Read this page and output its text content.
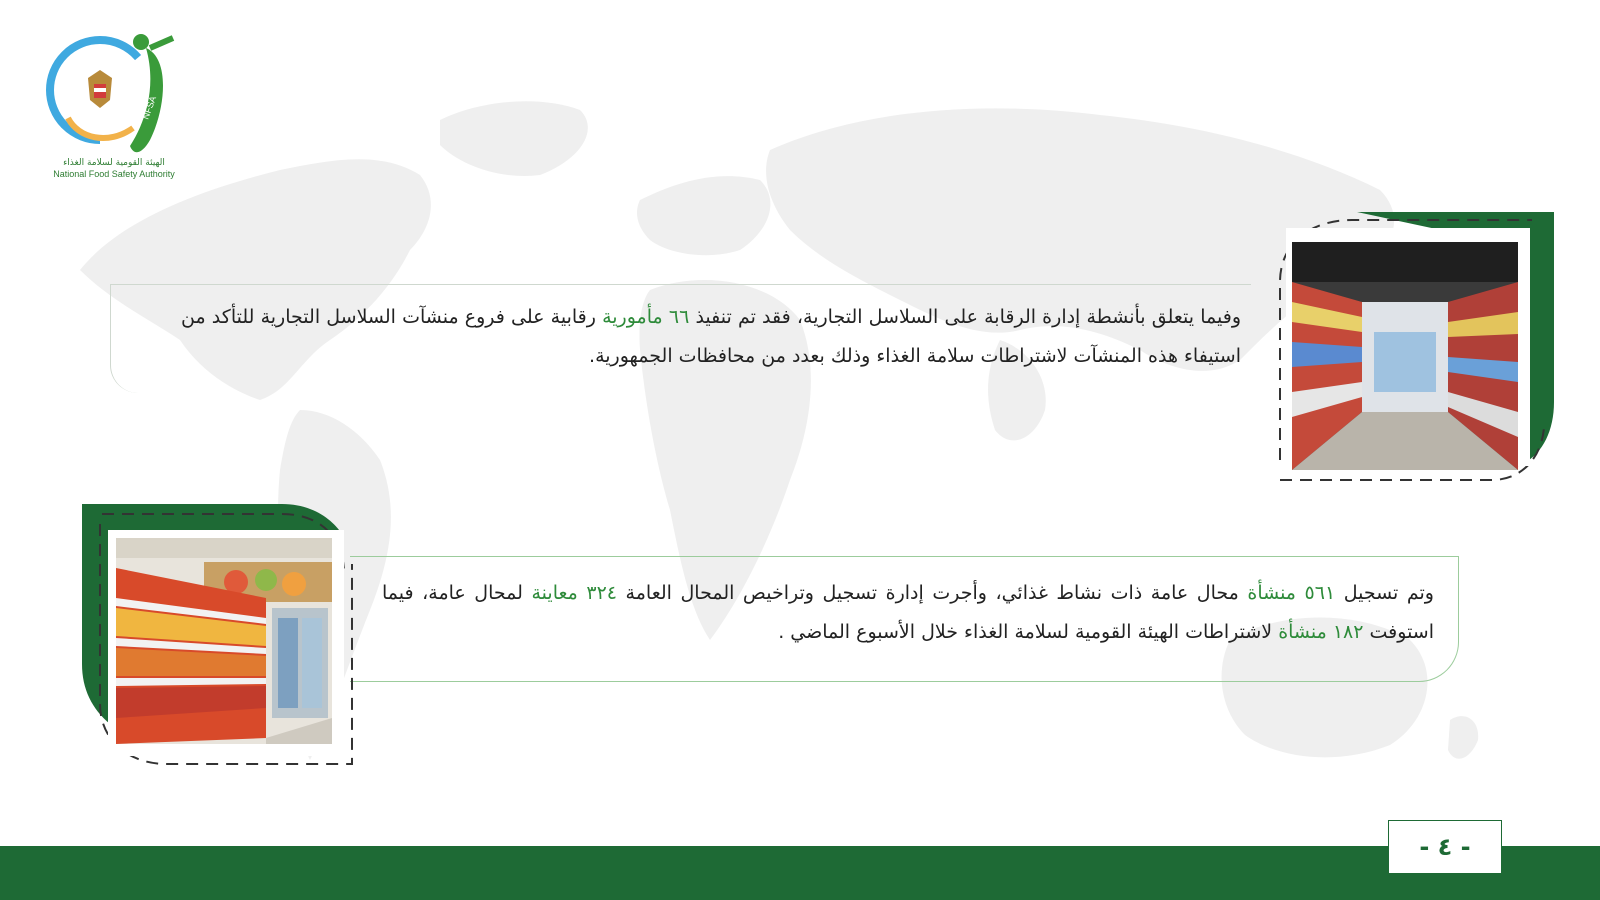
NFSA
الهيئة القومية لسلامة الغذاء
National Food Safety Authority

وفيما يتعلق بأنشطة إدارة الرقابة على السلاسل التجارية، فقد تم تنفيذ ٦٦ مأمورية رقابية على فروع منشآت السلاسل التجارية للتأكد من استيفاء هذه المنشآت لاشتراطات سلامة الغذاء وذلك بعدد من محافظات الجمهورية.

وتم تسجيل ٥٦١ منشأة محال عامة ذات نشاط غذائي، وأجرت إدارة تسجيل وتراخيص المحال العامة ٣٢٤ معاينة لمحال عامة، فيما استوفت ١٨٢ منشأة لاشتراطات الهيئة القومية لسلامة الغذاء خلال الأسبوع الماضي .

- ٤ -
